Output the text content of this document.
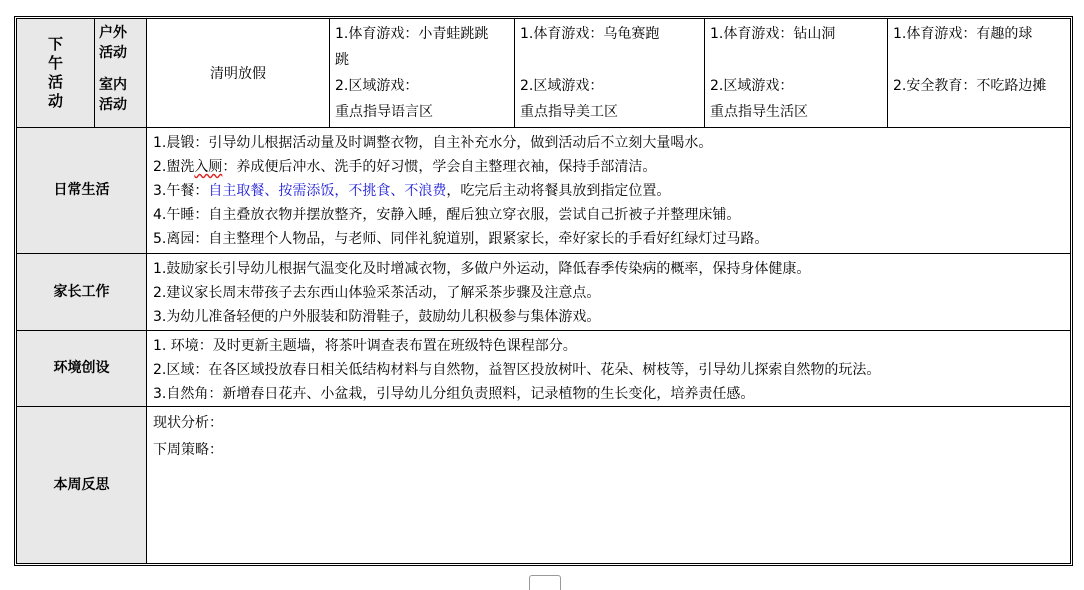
下
午
活
动
户外
活动
室内
活动
清明放假
1.体育游戏：小青蛙跳跳
跳
2.区域游戏：
重点指导语言区
1.体育游戏：乌龟赛跑
2.区域游戏：
重点指导美工区
1.体育游戏：钻山洞
2.区域游戏：
重点指导生活区
1.体育游戏：有趣的球
2.安全教育：不吃路边摊
日常生活
1.晨锻：引导幼儿根据活动量及时调整衣物，自主补充水分，做到活动后不立刻大量喝水。
2.盥洗入厕：养成便后冲水、洗手的好习惯，学会自主整理衣袖，保持手部清洁。
3.午餐：自主取餐、按需添饭，不挑食、不浪费，吃完后主动将餐具放到指定位置。
4.午睡：自主叠放衣物并摆放整齐，安静入睡，醒后独立穿衣服，尝试自己折被子并整理床铺。
5.离园：自主整理个人物品，与老师、同伴礼貌道别，跟紧家长，牵好家长的手看好红绿灯过马路。
家长工作
1.鼓励家长引导幼儿根据气温变化及时增减衣物，多做户外运动，降低春季传染病的概率，保持身体健康。
2.建议家长周末带孩子去东西山体验采茶活动，了解采茶步骤及注意点。
3.为幼儿准备轻便的户外服装和防滑鞋子，鼓励幼儿积极参与集体游戏。
环境创设
1. 环境：及时更新主题墙，将茶叶调查表布置在班级特色课程部分。
2.区域：在各区域投放春日相关低结构材料与自然物，益智区投放树叶、花朵、树枝等，引导幼儿探索自然物的玩法。
3.自然角：新增春日花卉、小盆栽，引导幼儿分组负责照料，记录植物的生长变化，培养责任感。
本周反思
现状分析：
下周策略：
